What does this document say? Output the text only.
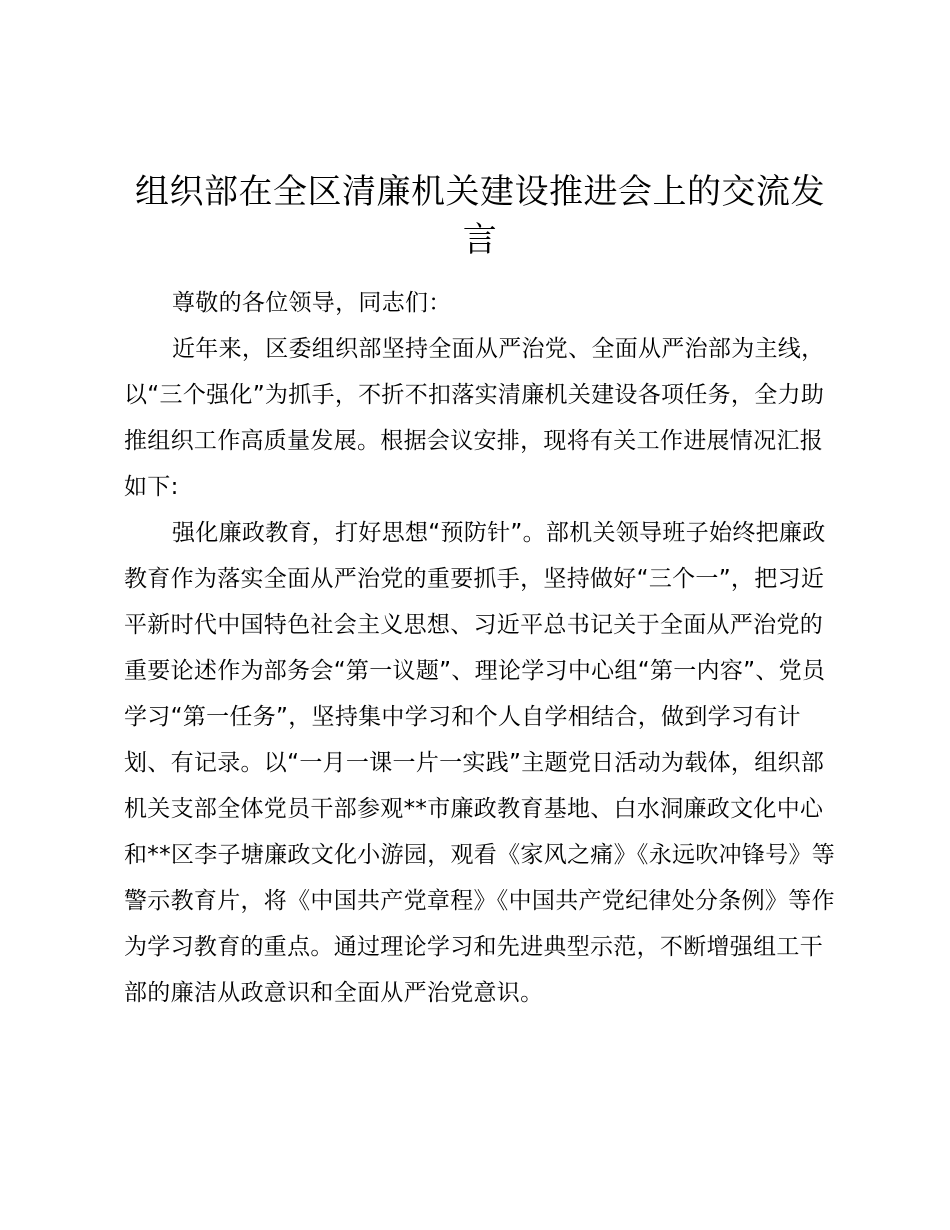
组织部在全区清廉机关建设推进会上的交流发言

尊敬的各位领导，同志们：

近年来，区委组织部坚持全面从严治党、全面从严治部为主线，以“三个强化”为抓手，不折不扣落实清廉机关建设各项任务，全力助推组织工作高质量发展。根据会议安排，现将有关工作进展情况汇报如下:

强化廉政教育，打好思想“预防针”。部机关领导班子始终把廉政教育作为落实全面从严治党的重要抓手，坚持做好“三个一”，把习近平新时代中国特色社会主义思想、习近平总书记关于全面从严治党的重要论述作为部务会“第一议题”、理论学习中心组“第一内容”、党员学习“第一任务”，坚持集中学习和个人自学相结合，做到学习有计划、有记录。以“一月一课一片一实践”主题党日活动为载体，组织部机关支部全体党员干部参观**市廉政教育基地、白水洞廉政文化中心和**区李子塘廉政文化小游园，观看《家风之痛》《永远吹冲锋号》等警示教育片，将《中国共产党章程》《中国共产党纪律处分条例》等作为学习教育的重点。通过理论学习和先进典型示范，不断增强组工干部的廉洁从政意识和全面从严治党意识。
